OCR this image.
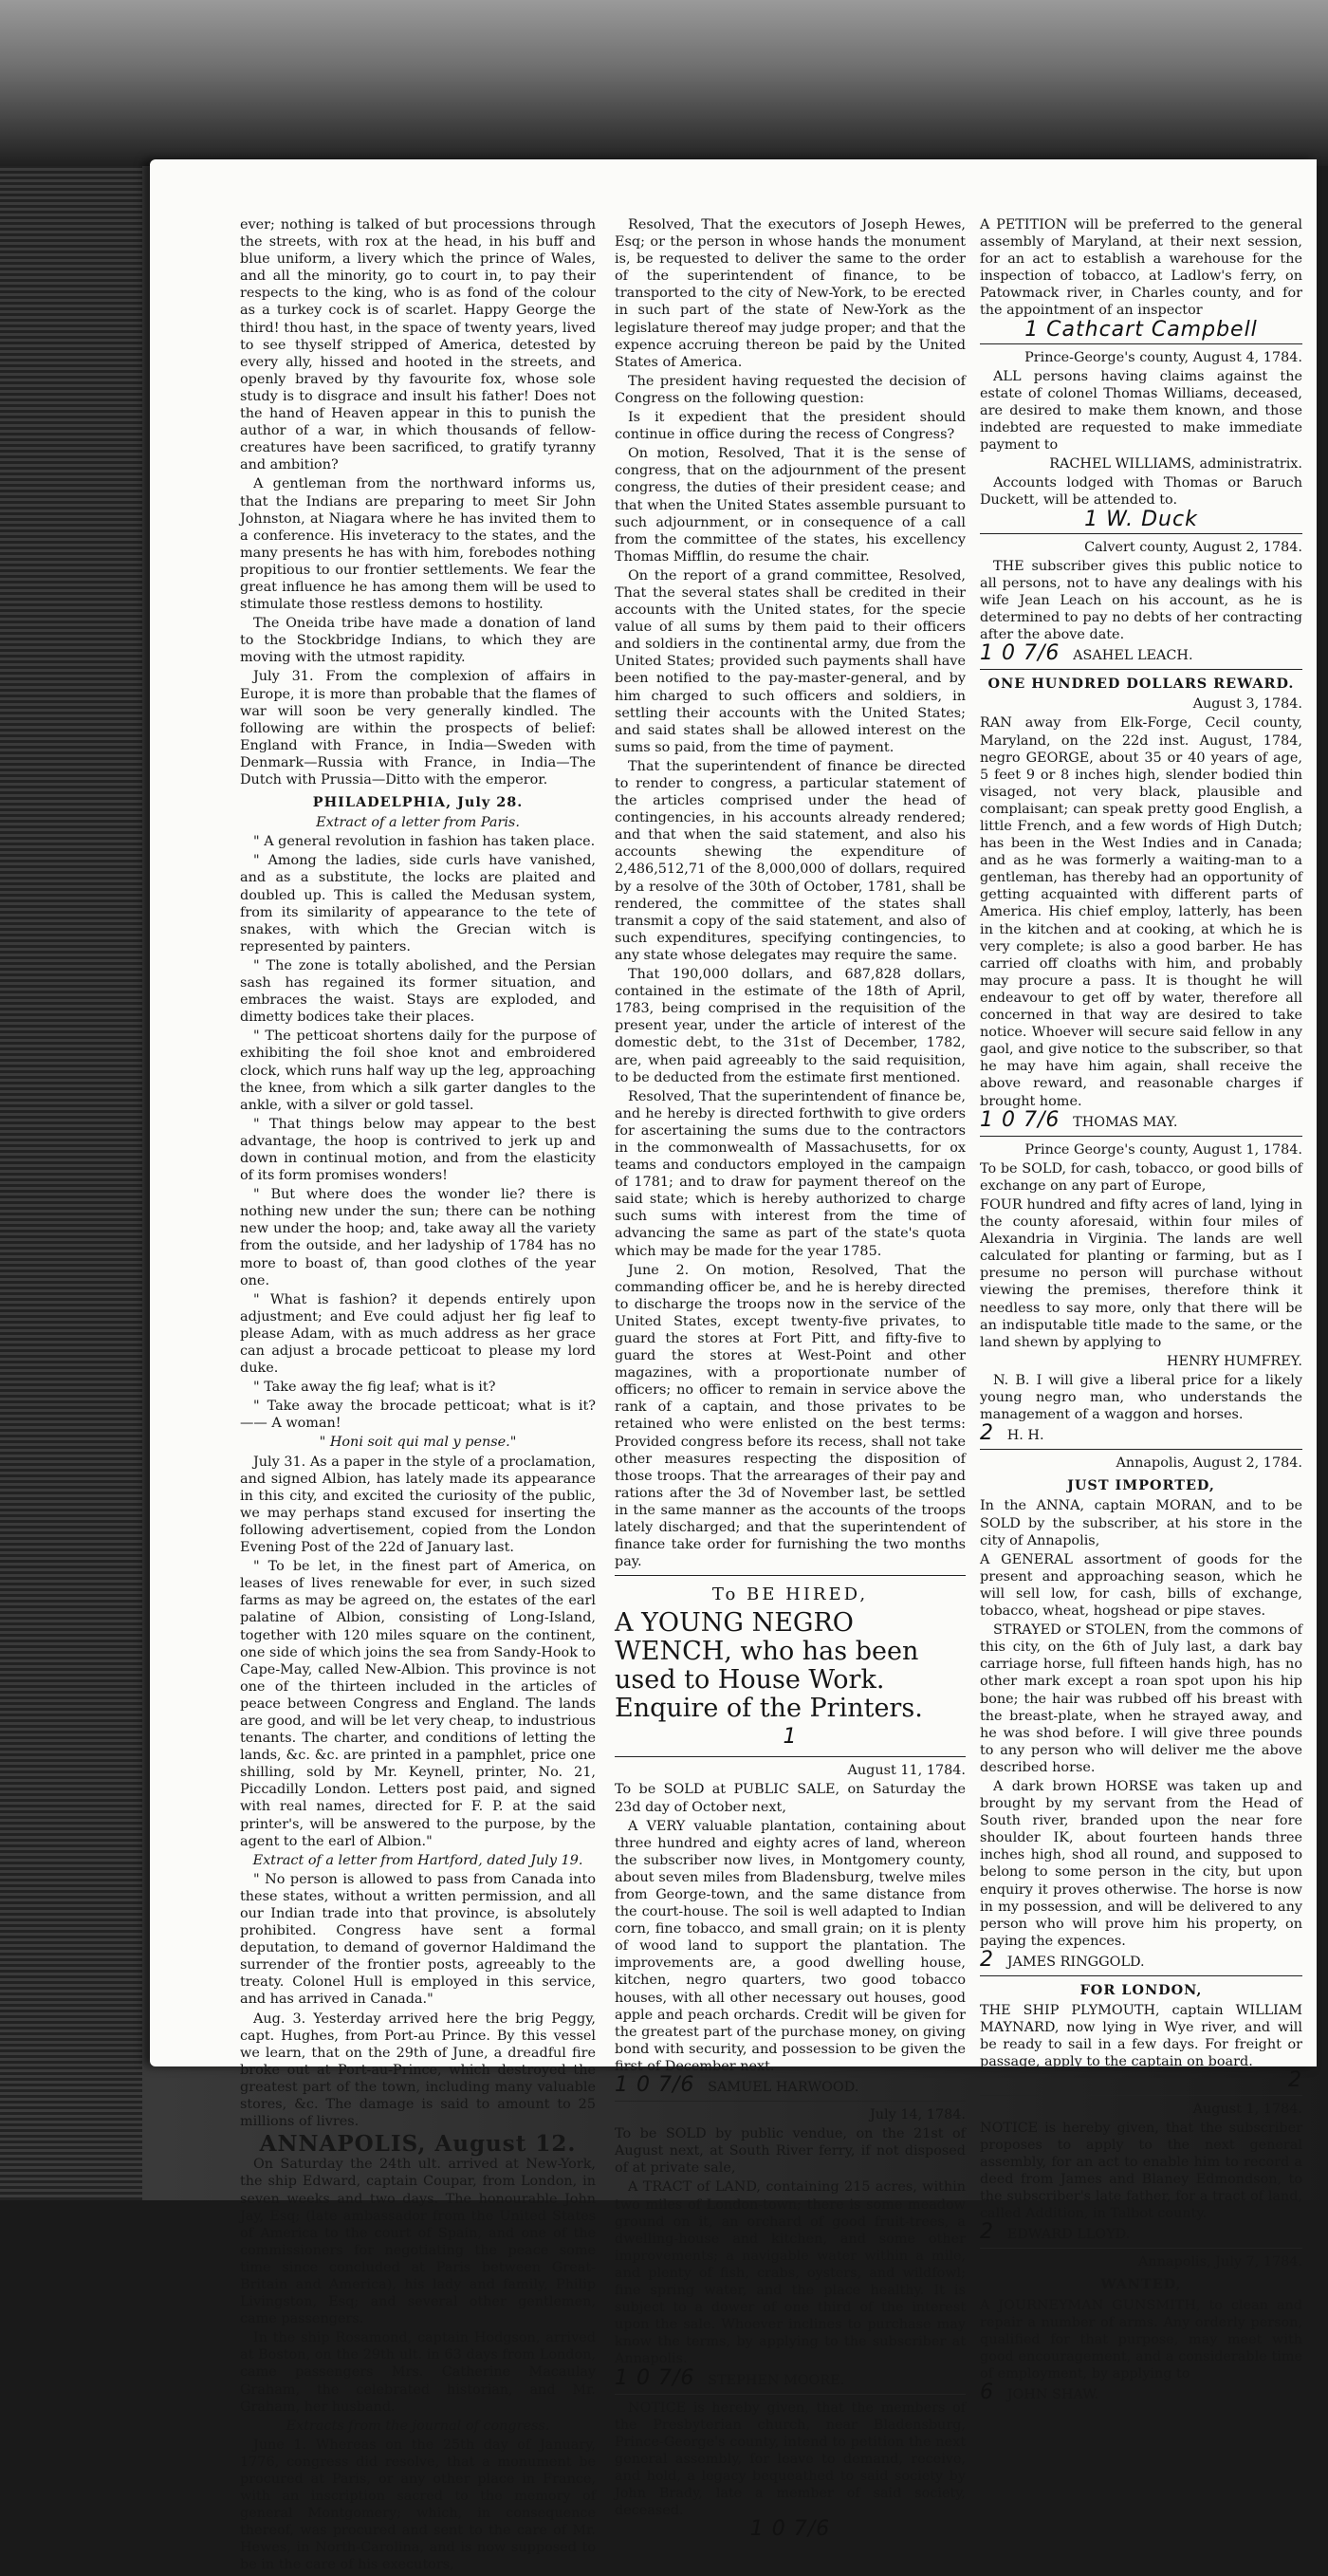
ever; nothing is talked of but processions through the streets, with rox at the head, in his buff and blue uniform, a livery which the prince of Wales, and all the minority, go to court in, to pay their respects to the king, who is as fond of the colour as a turkey cock is of scarlet. Happy George the third! thou hast, in the space of twenty years, lived to see thyself stripped of America, detested by every ally, hissed and hooted in the streets, and openly braved by thy favourite fox, whose sole study is to disgrace and insult his father! Does not the hand of Heaven appear in this to punish the author of a war, in which thousands of fellow-creatures have been sacrificed, to gratify tyranny and ambition?

A gentleman from the northward informs us, that the Indians are preparing to meet Sir John Johnston, at Niagara where he has invited them to a conference. His inveteracy to the states, and the many presents he has with him, forebodes nothing propitious to our frontier settlements. We fear the great influence he has among them will be used to stimulate those restless demons to hostility.

The Oneida tribe have made a donation of land to the Stockbridge Indians, to which they are moving with the utmost rapidity.

July 31. From the complexion of affairs in Europe, it is more than probable that the flames of war will soon be very generally kindled. The following are within the prospects of belief: England with France, in India—Sweden with Denmark—Russia with France, in India—The Dutch with Prussia—Ditto with the emperor.

PHILADELPHIA, July 28.

Extract of a letter from Paris.

" A general revolution in fashion has taken place.

" Among the ladies, side curls have vanished, and as a substitute, the locks are plaited and doubled up. This is called the Medusan system, from its similarity of appearance to the tete of snakes, with which the Grecian witch is represented by painters.

" The zone is totally abolished, and the Persian sash has regained its former situation, and embraces the waist. Stays are exploded, and dimetty bodices take their places.

" The petticoat shortens daily for the purpose of exhibiting the foil shoe knot and embroidered clock, which runs half way up the leg, approaching the knee, from which a silk garter dangles to the ankle, with a silver or gold tassel.

" That things below may appear to the best advantage, the hoop is contrived to jerk up and down in continual motion, and from the elasticity of its form promises wonders!

" But where does the wonder lie? there is nothing new under the sun; there can be nothing new under the hoop; and, take away all the variety from the outside, and her ladyship of 1784 has no more to boast of, than good clothes of the year one.

" What is fashion? it depends entirely upon adjustment; and Eve could adjust her fig leaf to please Adam, with as much address as her grace can adjust a brocade petticoat to please my lord duke.

" Take away the fig leaf; what is it?

" Take away the brocade petticoat; what is it?—— A woman!

" Honi soit qui mal y pense."

July 31. As a paper in the style of a proclamation, and signed Albion, has lately made its appearance in this city, and excited the curiosity of the public, we may perhaps stand excused for inserting the following advertisement, copied from the London Evening Post of the 22d of January last.

" To be let, in the finest part of America, on leases of lives renewable for ever, in such sized farms as may be agreed on, the estates of the earl palatine of Albion, consisting of Long-Island, together with 120 miles square on the continent, one side of which joins the sea from Sandy-Hook to Cape-May, called New-Albion. This province is not one of the thirteen included in the articles of peace between Congress and England. The lands are good, and will be let very cheap, to industrious tenants. The charter, and conditions of letting the lands, &c. &c. are printed in a pamphlet, price one shilling, sold by Mr. Keynell, printer, No. 21, Piccadilly London. Letters post paid, and signed with real names, directed for F. P. at the said printer's, will be answered to the purpose, by the agent to the earl of Albion."

Extract of a letter from Hartford, dated July 19.

" No person is allowed to pass from Canada into these states, without a written permission, and all our Indian trade into that province, is absolutely prohibited. Congress have sent a formal deputation, to demand of governor Haldimand the surrender of the frontier posts, agreeably to the treaty. Colonel Hull is employed in this service, and has arrived in Canada."

Aug. 3. Yesterday arrived here the brig Peggy, capt. Hughes, from Port-au Prince. By this vessel we learn, that on the 29th of June, a dreadful fire broke out at Port-au-Prince, which destroyed the greatest part of the town, including many valuable stores, &c. The damage is said to amount to 25 millions of livres.

ANNAPOLIS, August 12.

On Saturday the 24th ult. arrived at New-York, the ship Edward, captain Coupar, from London, in seven weeks and two days. The honourable John Jay, Esq; (late ambassador from the United States of America to the court of Spain, and one of the commissioners for negotiating the peace some time since concluded at Paris between Great-Britain and America), his lady and family, Philip Livingston, Esq; and several other gentlemen, came passengers.

In the ship Rosamond, captain Hodgson, arrived at Boston, on the 29th ult. in 63 days from London, came passengers Mrs. Catherine Macaulay Graham, the celebrated historian, and Mr. Graham, her husband.

Extracts from the journal of congress.

June 1. Whereas on the 25th day of January, 1776, congress did resolve, that a monument be procured at Paris, or any other place in France, with an inscription sacred to the memory of general Montgomery; which, in consequence thereof, was procured and sent to the care of Mr. Hewes, in North-Carolina, and is now supposed to be in the care of his executors,

Resolved, That the executors of Joseph Hewes, Esq; or the person in whose hands the monument is, be requested to deliver the same to the order of the superintendent of finance, to be transported to the city of New-York, to be erected in such part of the state of New-York as the legislature thereof may judge proper; and that the expence accruing thereon be paid by the United States of America.

The president having requested the decision of Congress on the following question:

Is it expedient that the president should continue in office during the recess of Congress?

On motion, Resolved, That it is the sense of congress, that on the adjournment of the present congress, the duties of their president cease; and that when the United States assemble pursuant to such adjournment, or in consequence of a call from the committee of the states, his excellency Thomas Mifflin, do resume the chair.

On the report of a grand committee, Resolved, That the several states shall be credited in their accounts with the United states, for the specie value of all sums by them paid to their officers and soldiers in the continental army, due from the United States; provided such payments shall have been notified to the pay-master-general, and by him charged to such officers and soldiers, in settling their accounts with the United States; and said states shall be allowed interest on the sums so paid, from the time of payment.

That the superintendent of finance be directed to render to congress, a particular statement of the articles comprised under the head of contingencies, in his accounts already rendered; and that when the said statement, and also his accounts shewing the expenditure of 2,486,512,71 of the 8,000,000 of dollars, required by a resolve of the 30th of October, 1781, shall be rendered, the committee of the states shall transmit a copy of the said statement, and also of such expenditures, specifying contingencies, to any state whose delegates may require the same.

That 190,000 dollars, and 687,828 dollars, contained in the estimate of the 18th of April, 1783, being comprised in the requisition of the present year, under the article of interest of the domestic debt, to the 31st of December, 1782, are, when paid agreeably to the said requisition, to be deducted from the estimate first mentioned.

Resolved, That the superintendent of finance be, and he hereby is directed forthwith to give orders for ascertaining the sums due to the contractors in the commonwealth of Massachusetts, for ox teams and conductors employed in the campaign of 1781; and to draw for payment thereof on the said state; which is hereby authorized to charge such sums with interest from the time of advancing the same as part of the state's quota which may be made for the year 1785.

June 2. On motion, Resolved, That the commanding officer be, and he is hereby directed to discharge the troops now in the service of the United States, except twenty-five privates, to guard the stores at Fort Pitt, and fifty-five to guard the stores at West-Point and other magazines, with a proportionate number of officers; no officer to remain in service above the rank of a captain, and those privates to be retained who were enlisted on the best terms: Provided congress before its recess, shall not take other measures respecting the disposition of those troops. That the arrearages of their pay and rations after the 3d of November last, be settled in the same manner as the accounts of the troops lately discharged; and that the superintendent of finance take order for furnishing the two months pay.

To BE HIRED,
A YOUNG NEGRO WENCH, who has been used to House Work. Enquire of the Printers.
1

August 11, 1784.

To be SOLD at PUBLIC SALE, on Saturday the 23d day of October next,

A VERY valuable plantation, containing about three hundred and eighty acres of land, whereon the subscriber now lives, in Montgomery county, about seven miles from Bladensburg, twelve miles from George-town, and the same distance from the court-house. The soil is well adapted to Indian corn, fine tobacco, and small grain; on it is plenty of wood land to support the plantation. The improvements are, a good dwelling house, kitchen, negro quarters, two good tobacco houses, with all other necessary out houses, good apple and peach orchards. Credit will be given for the greatest part of the purchase money, on giving bond with security, and possession to be given the first of December next.

1 0 7/6 SAMUEL HARWOOD.

July 14, 1784.

To be SOLD by public vendue, on the 21st of August next, at South River ferry, if not disposed of at private sale,

A TRACT of LAND, containing 215 acres, within two miles of London-town; there is some meadow ground on it, an orchard of good fruit-trees, a dwelling-house and kitchen, and some other improvements; a navigable water within a mile, and plenty of fish, crabs, oysters, and wildfowl; fine spring water, and the place healthy. It is subject to a dower of one third of the interest upon the sale. Whoever inclines to purchase may know the terms, by applying to the subscriber at Annapolis.

1 0 7/6 STEPHEN MOORE.

NOTICE is hereby given, that the members of the Presbyterian church, near Bladensburg, Prince-George's county, intend to petition the next general assembly, for leave to demand, receive, and hold, a legacy bequeathed to said society by John Brady, late a member of said society, deceased.

1 0 7/6

A PETITION will be preferred to the general assembly of Maryland, at their next session, for an act to establish a warehouse for the inspection of tobacco, at Ladlow's ferry, on Patowmack river, in Charles county, and for the appointment of an inspector

1 Cathcart Campbell

Prince-George's county, August 4, 1784.

ALL persons having claims against the estate of colonel Thomas Williams, deceased, are desired to make them known, and those indebted are requested to make immediate payment to

RACHEL WILLIAMS, administratrix.

Accounts lodged with Thomas or Baruch Duckett, will be attended to.

1 W. Duck

Calvert county, August 2, 1784.

THE subscriber gives this public notice to all persons, not to have any dealings with his wife Jean Leach on his account, as he is determined to pay no debts of her contracting after the above date.

1 0 7/6 ASAHEL LEACH.

ONE HUNDRED DOLLARS REWARD.

August 3, 1784.

RAN away from Elk-Forge, Cecil county, Maryland, on the 22d inst. August, 1784, negro GEORGE, about 35 or 40 years of age, 5 feet 9 or 8 inches high, slender bodied thin visaged, not very black, plausible and complaisant; can speak pretty good English, a little French, and a few words of High Dutch; has been in the West Indies and in Canada; and as he was formerly a waiting-man to a gentleman, has thereby had an opportunity of getting acquainted with different parts of America. His chief employ, latterly, has been in the kitchen and at cooking, at which he is very complete; is also a good barber. He has carried off cloaths with him, and probably may procure a pass. It is thought he will endeavour to get off by water, therefore all concerned in that way are desired to take notice. Whoever will secure said fellow in any gaol, and give notice to the subscriber, so that he may have him again, shall receive the above reward, and reasonable charges if brought home.

1 0 7/6 THOMAS MAY.

Prince George's county, August 1, 1784.

To be SOLD, for cash, tobacco, or good bills of exchange on any part of Europe,

FOUR hundred and fifty acres of land, lying in the county aforesaid, within four miles of Alexandria in Virginia. The lands are well calculated for planting or farming, but as I presume no person will purchase without viewing the premises, therefore think it needless to say more, only that there will be an indisputable title made to the same, or the land shewn by applying to

HENRY HUMFREY.

N. B. I will give a liberal price for a likely young negro man, who understands the management of a waggon and horses.

2 H. H.

Annapolis, August 2, 1784.

JUST IMPORTED,

In the ANNA, captain MORAN, and to be SOLD by the subscriber, at his store in the city of Annapolis,

A GENERAL assortment of goods for the present and approaching season, which he will sell low, for cash, bills of exchange, tobacco, wheat, hogshead or pipe staves.

STRAYED or STOLEN, from the commons of this city, on the 6th of July last, a dark bay carriage horse, full fifteen hands high, has no other mark except a roan spot upon his hip bone; the hair was rubbed off his breast with the breast-plate, when he strayed away, and he was shod before. I will give three pounds to any person who will deliver me the above described horse.

A dark brown HORSE was taken up and brought by my servant from the Head of South river, branded upon the near fore shoulder IK, about fourteen hands three inches high, shod all round, and supposed to belong to some person in the city, but upon enquiry it proves otherwise. The horse is now in my possession, and will be delivered to any person who will prove him his property, on paying the expences.

2 JAMES RINGGOLD.

FOR LONDON,

THE SHIP PLYMOUTH, captain WILLIAM MAYNARD, now lying in Wye river, and will be ready to sail in a few days. For freight or passage, apply to the captain on board.

2

August 1, 1784.

NOTICE is hereby given, that the subscriber proposes to apply to the next general assembly, for an act to enable him to record a deed from James and Blaney Edmondson, to the subscriber's late father, for a tract of land, called Addition, in Talbot county.

2 EDWARD LLOYD.

Annapolis, July 7, 1784.

WANTED,

A JOURNEYMAN GUNSMITH, to clean and repair a number of arms. Any orderly person, qualified for that purpose, may meet with good encouragement, and a considerable time of employment, by applying to

6 JOHN SHAW.
